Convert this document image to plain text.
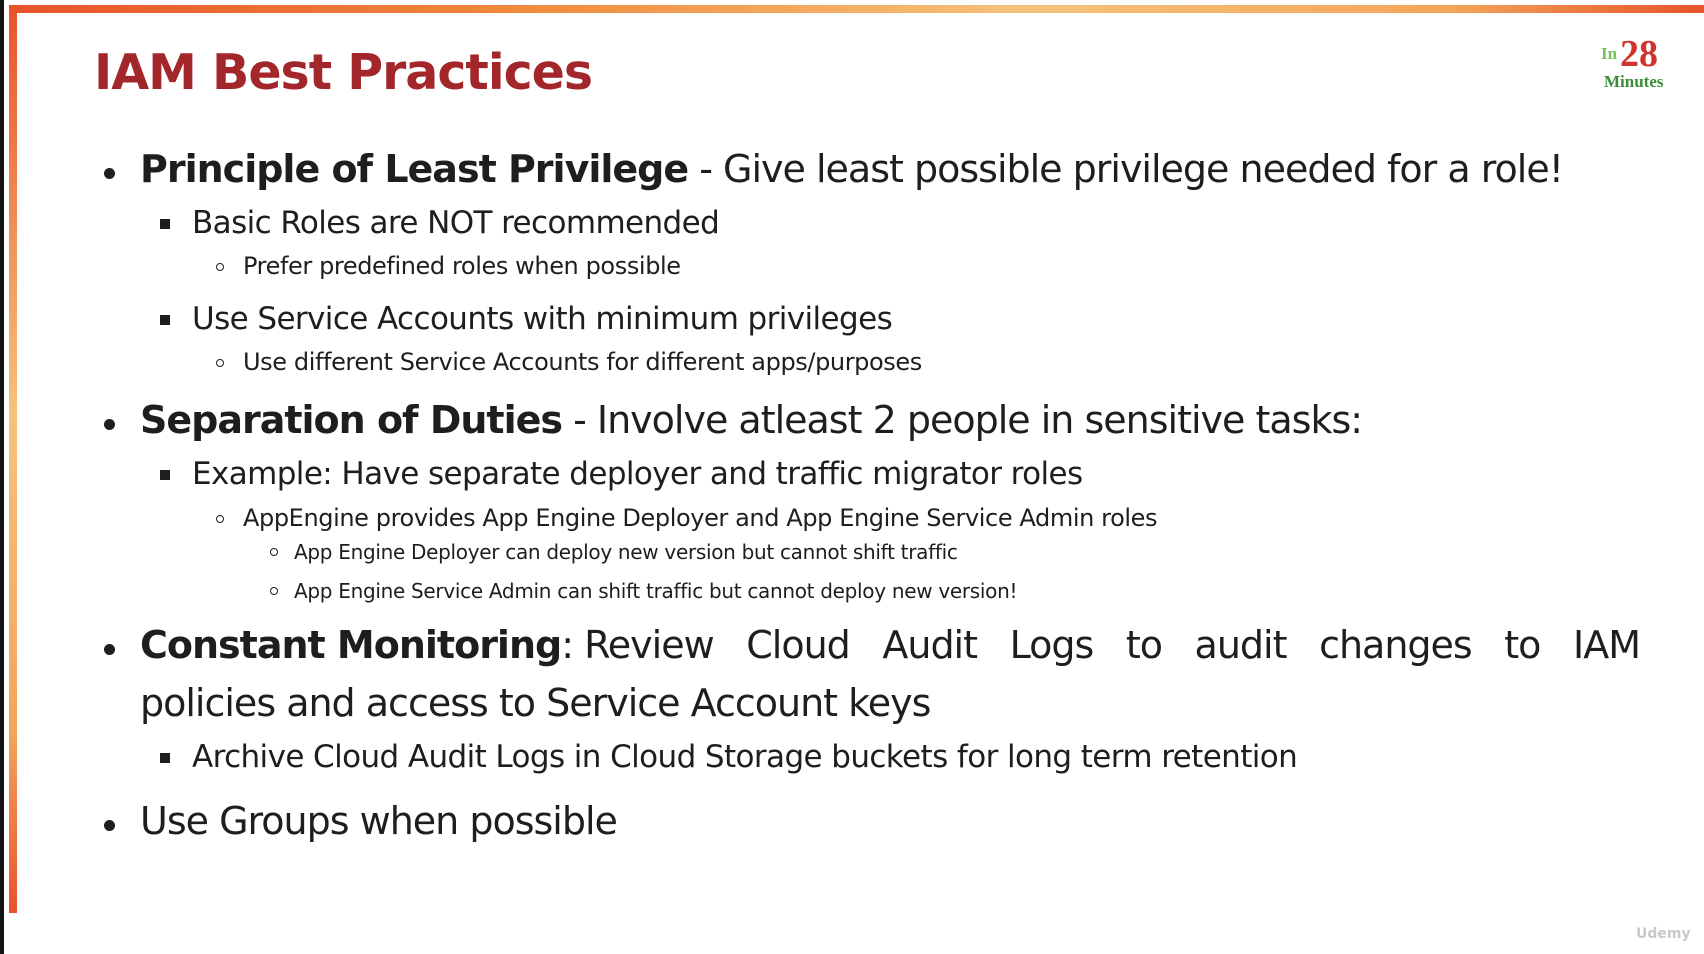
IAM Best Practices	In 28
Minutes
Principle of Least Privilege - Give least possible privilege needed for a role!
Basic Roles are NOT recommended
Prefer predefined roles when possible
Use Service Accounts with minimum privileges
Use different Service Accounts for different apps/purposes
Separation of Duties - Involve atleast 2 people in sensitive tasks:
Example: Have separate deployer and traffic migrator roles
AppEngine provides App Engine Deployer and App Engine Service Admin roles
App Engine Deployer can deploy new version but cannot shift traffic
App Engine Service Admin can shift traffic but cannot deploy new version!
Constant Monitoring: Review Cloud Audit Logs to audit changes to IAM
policies and access to Service Account keys
Archive Cloud Audit Logs in Cloud Storage buckets for long term retention
Use Groups when possible
Udemy
